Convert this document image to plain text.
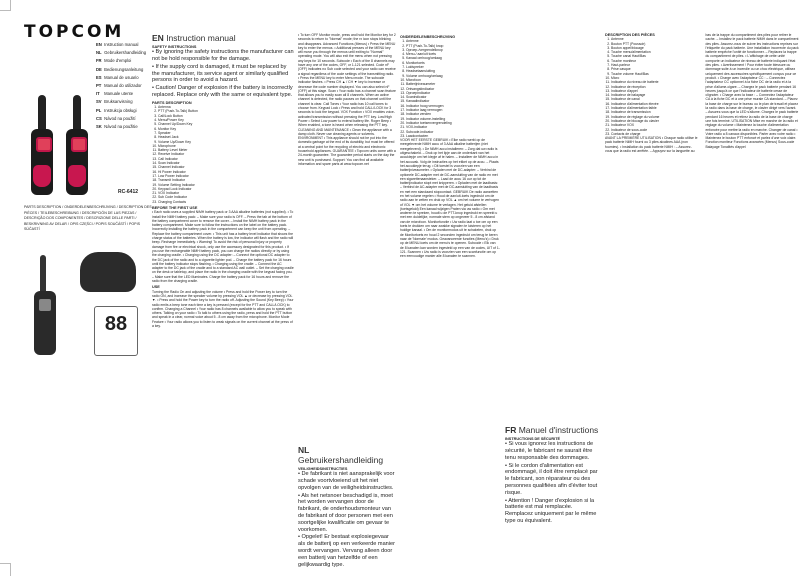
TOPCOM
EN Instruction manual
NL Gebruikershandleiding
FR Mode d'emploi
DE Bedienungsanleitung
ES Manual de usuario
PT Manual do utilizador
IT Manuale utente
SV Bruksanvisning
PL Instrukcja obsługi
CS Návod na použití
SK Návod na použitie
RC-6412
PARTS DESCRIPTION / ONDERDELENBESCHRIJVING / DESCRIPTION DES PIÈCES / TEILEBESCHREIBUNG / DESCRIPCIÓN DE LAS PIEZAS / DESCRIÇÃO DOS COMPONENTES / DESCRIZIONE DELLE PARTI / BESKRIVNING AV DELAR / OPIS CZĘŚCI / POPIS SOUČÁSTÍ / POPIS SÚČASTÍ
88
EN Instruction manual
SAFETY INSTRUCTIONS

• By ignoring the safety instructions the manufacturer can not be hold responsible for the damage.

• If the supply cord is damaged, it must be replaced by the manufacturer, its service agent or similarly qualified persons in order to avoid a hazard.

• Caution! Danger of explosion if the battery is incorrectly replaced. Replace only with the same or equivalent type.

PARTS DESCRIPTION
1. Antenna
2. PTT (Push-To-Talk) Button
3. Call/Lock Button
4. Menu/Power Key
5. Channel Up/Down Key
6. Monitor Key
7. Speaker
8. Headset Jack
9. Volume Up/Down Key
10. Microphone
11. Battery Level Meter
12. Receive Indicator
13. Call Indicator
14. Scan Indicator
15. Channel Indicator
16. Hi Power Indicator
17. Low Power Indicator
18. Transmit Indicator
19. Volume Setting Indicator
20. Keypad Lock Indicator
21. VOX Indicator
22. Sub Code Indicator
23. Charging Contacts
BEFORE THE FIRST USE

• Each radio uses a supplied NiMH battery pack or 3 AAA alkaline batteries (not supplied). • To install the NiMH battery pack: – Make sure your radio is OFF. – Press the tab at the bottom of the battery compartment cover to remove the cover. – Install the NiMH battery pack in the battery compartment. Make sure to follow the instructions on the label on the battery pack. Incorrectly installing the battery pack in the compartment can keep the unit from operating. – Replace the battery compartment cover. • This unit has a battery level indicator that shows the charge status of the batteries. When the battery is low, the indicator will flash and the radio will beep. Recharge immediately. • Warning! To avoid the risk of personal injury or property damage from fire or electrical shock, only use the accessory designated for this product. • If you use the rechargeable NiMH battery pack, you can charge the radios directly or by using the charging cradle. • Charging using the DC adapter: – Connect the optional DC adapter to the DC jack of the radio and to a cigarette lighter pod. – Charge the battery pack for 16 hours until the battery indicator stops flashing. • Charging using the cradle: – Connect the AC adapter to the DC jack of the cradle and to a standard AC wall outlet. – Set the charging cradle on the desk or tabletop, and place the radio in the charging cradle with the keypad facing you. – Make sure that the LED illuminates. Charge the battery pack for 16 hours and remove the radio from the charging cradle.

USE

Turning the Radio On and adjusting the volume • Press and hold the Power key to turn the radio ON, and increase the speaker volume by pressing VOL ▲ or decrease by pressing VOL ▼. • Press and hold the Power key to turn the radio off. Adjusting the Sound (Key Beep) • Your radio emits a beep tone each time a key is pressed (except for the PTT and CALL/LOCK) to confirm. Changing a Channel • Your radio has 8 channels available to allow you to speak with others. Talking on your radio • To talk to others using the radio, press and hold the PTT button and speak in a clear, normal voice about 5 - 8 cm away from the microphone. Monitor Mode Feature • Your radio allows you to listen to weak signals on the current channel at the press of a key.

• To turn OFF Monitor mode, press and hold the Monitor key for 2 seconds to return to "Normal" mode; the rx icon stops blinking and disappears. Advanced Functions (Menus) • Press the MENU key to enter the menus. • Additional presses of the MENU key will move you through the menus until exiting to "Normal" operating mode. You will also exit the menu when not pressing any keys for 10 seconds. Subcode • Each of the 8 channels may have any one of the codes, OFF, or 1-121 selected. Code nF (OFF) indicates no Sub code selected and your radio can receive a signal regardless of the code settings of the transmitting radio. • Press the MENU key to enter Menu mode. The subcode indicator flashes. • Press CH ▲ / CH ▼ key to increase or decrease the code number displayed. You can also select nF (OFF) at this stage. Scan • Your radio has a channel scan feature that allows you to easily scan all 8 channels. When an active channel is detected, the radio pauses on that channel until the channel is clear. Call Tones • Your radio has 10 call tones to choose from. Keypad Lock • Press and hold CALL/LOCK for 3 seconds to lock the keypad. VOX Function • VOX enables voice-activated transmission without pressing the PTT key. Low/High Power • Select Low power to extend battery life. Roger Beep • When enabled, a tone is heard when releasing the PTT key. CLEANING AND MAINTENANCE • Clean the appliance with a damp cloth. Never use cleaning agents or solvents. ENVIRONMENT • This appliance should not be put into the domestic garbage at the end of its durability, but must be offered at a central point for the recycling of electric and electronic household appliances. GUARANTEE • Topcom units come with a 24-month guarantee. The guarantee period starts on the day the new unit is purchased. Support: You can find all available information and spare parts at www.topcom.net

NL Gebruikershandleiding
VEILIGHEIDSINSTRUCTIES

• De fabrikant is niet aansprakelijk voor schade voortvloeiend uit het niet opvolgen van de veiligheidsinstructies.

• Als het netsnoer beschadigd is, moet het worden vervangen door de fabrikant, de onderhoudsmonteur van de fabrikant of door personen met een soortgelijke kwalificatie om gevaar te voorkomen.

• Opgelet! Er bestaat explosiegevaar als de batterij op een verkeerde manier wordt vervangen. Vervang alleen door een batterij van hetzelfde of een gelijkwaardig type.

ONDERDELENBESCHRIJVING
1. Antenne
2. PTT (Push-To-Talk) knop
3. Oproep-/vergrendelknop
4. Menu-/ aan/uit toets
5. Kanaal omhoog/omlaag
6. Monitortoets
7. Luidspreker
8. Headsetaansluiting
9. Volume omhoog/omlaag
10. Microfoon
11. Batterijniveaumeter
12. Ontvangstindicator
13. Oproepindicator
14. Scanindicator
15. Kanaalindicator
16. Indicator hoog vermogen
17. Indicator laag vermogen
18. Indicator zenden
19. Indicator volume-instelling
20. Indicator toetsenvergrendeling
21. VOX-indicator
22. Subcode-indicator
23. Laadcontacten

VOOR HET EERSTE GEBRUIK • Elke radio werkt op de meegeleverde NiMH accu of 3 AAA alkaline batterijen (niet meegeleverd). • De NiMH accu installeren: – Zorg dat uw radio is uitgeschakeld. – Druk op het lipje aan de onderkant van het accuklepje om het klepje af te halen. – Installeer de NiMH accu in het accuvak. Volg de instructies op het etiket op de accu. – Plaats het accuklepje terug. • Dit toestel is voorzien van een batterijniveaumeter. • Opladen met de DC-adapter: – Verbind de optionele DC-adapter met de DC-aansluiting van de radio en met een sigarettenaansteker. – Laad de accu 16 uur op tot de batterijindicator stopt met knipperen. • Opladen met de laadbasis: – Verbind de AC-adapter met de DC-aansluiting van de laadbasis en met een standaard stopcontact. GEBRUIK De radio aanzetten en het volume regelen • Houd de aan/uit-toets ingedrukt om de radio aan te zetten en druk op VOL ▲ om het volume te verhogen of VOL ▼ om het volume te verlagen. Het geluid afstellen (toetsgeluid) Een kanaal wijzigen Praten via uw radio • Om met anderen te spreken, houdt u de PTT-knop ingedrukt en spreekt u met een duidelijke, normale stem op ongeveer 5 - 8 cm afstand van de microfoon. Monitorfunctie • Uw radio laat u toe om op een toets te drukken om naar zwakke signalen te luisteren op het huidige kanaal. • Om de monitormodus uit te schakelen, druk op de Monitortoets en houd 2 seconden ingedrukt om terug te keren naar de 'Normale' modus. Geavanceerde functies (Menu's) • Druk op de MENU-toets om de menu's te openen. Subcode • Elk van de 8 kanalen kan worden ingesteld op een van de codes, UIT of 1-121. Scannen • Uw radio is voorzien van een scanfunctie om op een eenvoudige manier alle 8 kanalen te scannen.

FR Manuel d'instructions
INSTRUCTIONS DE SÉCURITÉ

• Si vous ignorez les instructions de sécurité, le fabricant ne saurait être tenu responsable des dommages.

• Si le cordon d'alimentation est endommagé, il doit être remplacé par le fabricant, son réparateur ou des personnes qualifiées afin d'éviter tout risque.

• Attention ! Danger d'explosion si la batterie est mal remplacée. Remplacez uniquement par le même type ou équivalent.

DESCRIPTION DES PIÈCES
1. Antenne
2. Bouton PTT (Poussoir)
3. Bouton appel/blocage
4. Touche menu/alimentation
5. Touche canal Haut/Bas
6. Touche moniteur
7. Haut-parleur
8. Prise casque
9. Touche volume Haut/Bas
10. Micro
11. Indicateur du niveau de batterie
12. Indicateur de réception
13. Indicateur d'appel
14. Indicateur de balayage
15. Indicateur de canal
16. Indicateur d'alimentation élevée
17. Indicateur d'alimentation faible
18. Indicateur de transmission
19. Indicateur de réglage du volume
20. Indicateur de blocage du clavier
21. Indicateur VOX
22. Indicateur de sous-code
23. Contacts de charge

AVANT LA PREMIÈRE UTILISATION • Chaque radio utilise le pack batterie NiMH fourni ou 3 piles alcalines AAA (non fournies). • Installation du pack batterie NiMH : – Assurez-vous que la radio est arrêtée. – Appuyez sur la languette au bas de la trappe du compartiment des piles pour retirer le cache. – Installez le pack batterie NiMH dans le compartiment des piles. Assurez-vous de suivre les instructions reprises sur l'étiquette du pack batterie. Une installation incorrecte du pack batterie empêche l'unité de fonctionner. – Replacez la trappe du compartiment de piles. • L'affichage de cette unité comporte un indicateur de niveau de batterie indiquant l'état des piles. • Avertissement ! Pour éviter toute blessure ou dommage suite à un incendie ou un choc électrique, utilisez uniquement des accessoires spécifiquement conçus pour ce produit. • Charge avec l'adaptateur CC : – Connectez l'adaptateur CC optionnel à la fiche DC de la radio et à la prise d'allume-cigare. – Chargez le pack batterie pendant 16 heures jusqu'à ce que l'indicateur de batterie cesse de clignoter. • Charge avec la base : – Connectez l'adaptateur CA à la fiche DC et à une prise murale CA standard. – Placez la base de charge sur le bureau ou le plan de travail et placez la radio dans la base de charge, le clavier dirigé vers l'avant. – Assurez-vous que la LED s'allume. Chargez le pack batterie pendant 16 heures et retirez la radio de la base de charge une fois terminé. UTILISATION Mise en marche de la radio et réglage du volume • Maintenez la touche d'alimentation enfoncée pour mettre la radio en marche. Changer de canal • Votre radio a 8 canaux disponibles. Parler avec votre radio • Maintenez le bouton PTT enfoncé et parlez d'une voix claire. Fonction moniteur Fonctions avancées (Menus) Sous-code Balayage Tonalités d'appel
